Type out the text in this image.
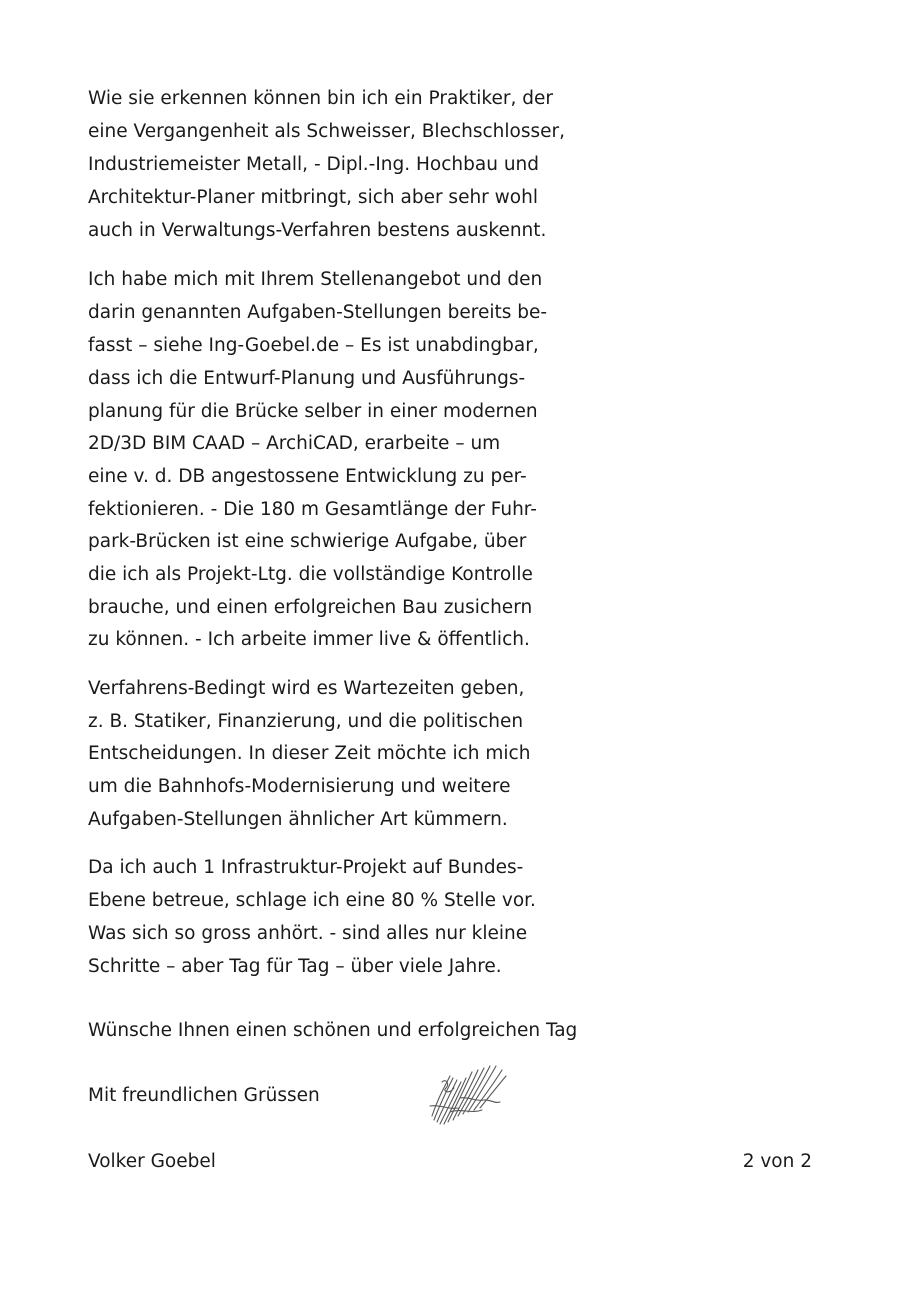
Wie sie erkennen können bin ich ein Praktiker, der
eine Vergangenheit als Schweisser, Blechschlosser,
Industriemeister Metall, - Dipl.-Ing. Hochbau und
Architektur-Planer mitbringt, sich aber sehr wohl
auch in Verwaltungs-Verfahren bestens auskennt.
Ich habe mich mit Ihrem Stellenangebot und den
darin genannten Aufgaben-Stellungen bereits be-
fasst – siehe Ing-Goebel.de – Es ist unabdingbar,
dass ich die Entwurf-Planung und Ausführungs-
planung für die Brücke selber in einer modernen
2D/3D BIM CAAD – ArchiCAD, erarbeite – um
eine v. d. DB angestossene Entwicklung zu per-
fektionieren. - Die 180 m Gesamtlänge der Fuhr-
park-Brücken ist eine schwierige Aufgabe, über
die ich als Projekt-Ltg. die vollständige Kontrolle
brauche, und einen erfolgreichen Bau zusichern
zu können. - Ich arbeite immer live & öffentlich.
Verfahrens-Bedingt wird es Wartezeiten geben,
z. B. Statiker, Finanzierung, und die politischen
Entscheidungen. In dieser Zeit möchte ich mich
um die Bahnhofs-Modernisierung und weitere
Aufgaben-Stellungen ähnlicher Art kümmern.
Da ich auch 1 Infrastruktur-Projekt auf Bundes-
Ebene betreue, schlage ich eine 80 % Stelle vor.
Was sich so gross anhört. - sind alles nur kleine
Schritte – aber Tag für Tag – über viele Jahre.
Wünsche Ihnen einen schönen und erfolgreichen Tag
Mit freundlichen Grüssen
Volker Goebel	2 von 2
